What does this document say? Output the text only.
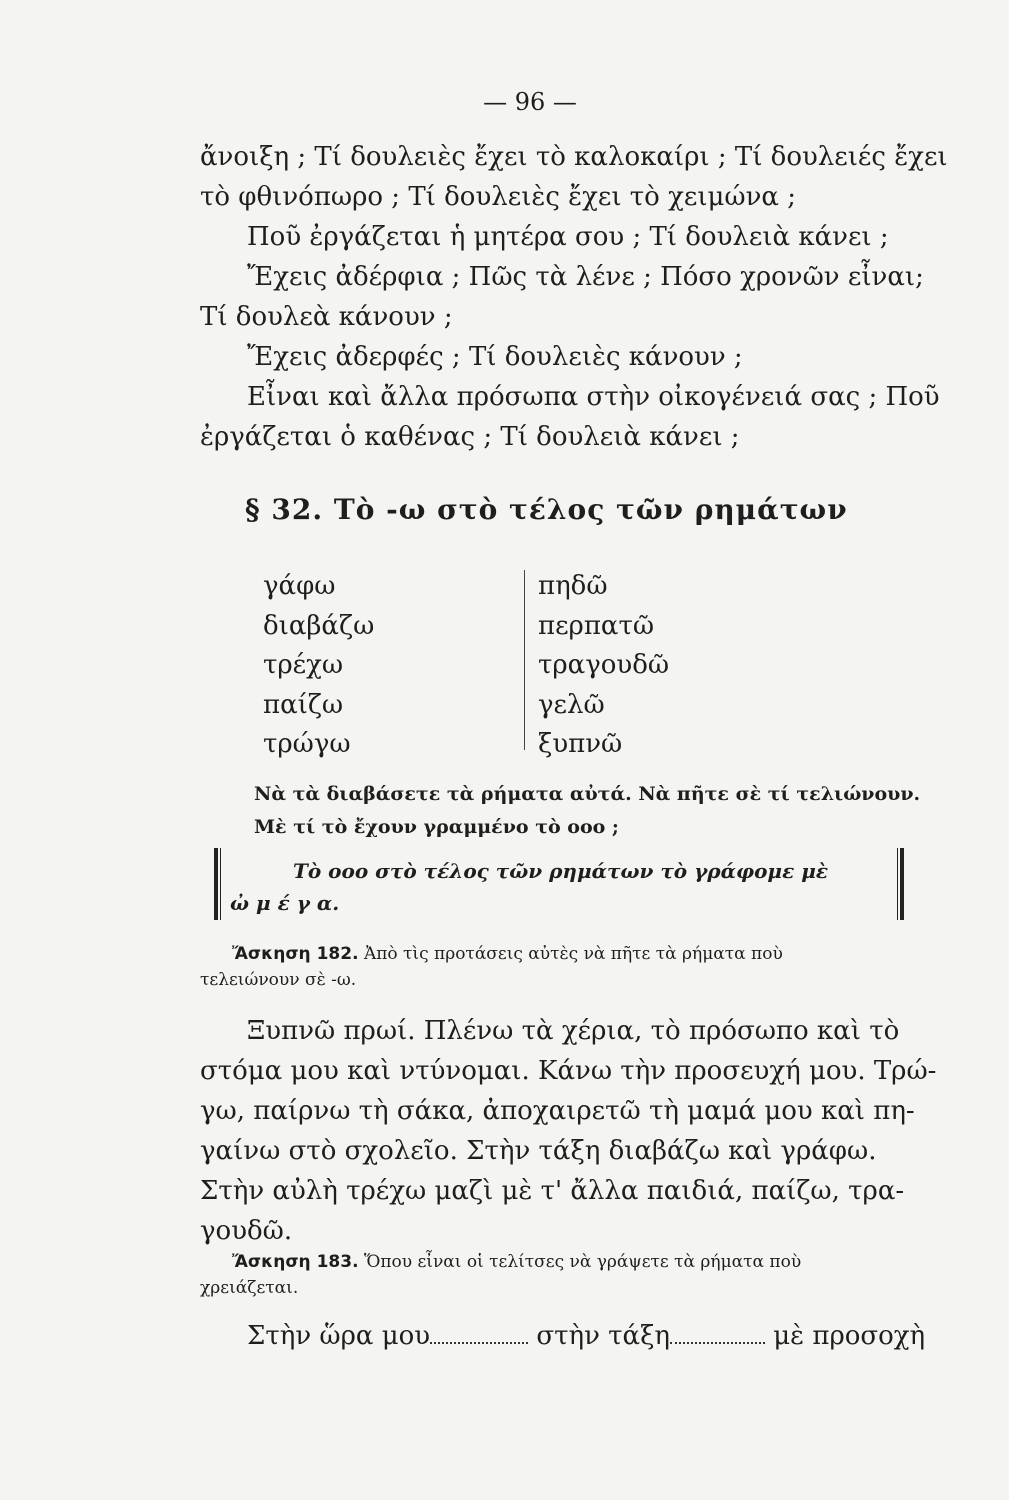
— 96 —
ἄνοιξη ; Τί δουλειὲς ἔχει τὸ καλοκαίρι ; Τί δουλειές ἔχει
τὸ φθινόπωρο ; Τί δουλειὲς ἔχει τὸ χειμώνα ;
Ποῦ ἐργάζεται ἡ μητέρα σου ; Τί δουλειὰ κάνει ;
Ἔχεις ἀδέρφια ; Πῶς τὰ λένε ; Πόσο χρονῶν εἶναι;
Τί δουλεὰ κάνουν ;
Ἔχεις ἀδερφές ; Τί δουλειὲς κάνουν ;
Εἶναι καὶ ἄλλα πρόσωπα στὴν οἰκογένειά σας ; Ποῦ
ἐργάζεται ὁ καθένας ; Τί δουλειὰ κάνει ;
§ 32. Τὸ -ω στὸ τέλος τῶν ρημάτων
γάφω
διαβάζω
τρέχω
παίζω
τρώγω
πηδῶ
περπατῶ
τραγουδῶ
γελῶ
ξυπνῶ
Νὰ τὰ διαβάσετε τὰ ρήματα αὐτά. Νὰ πῆτε σὲ τί τελιώνουν.
Μὲ τί τὸ ἔχουν γραμμένο τὸ οοο ;
Τὸ οοο στὸ τέλος τῶν ρημάτων τὸ γράφομε μὲ
ὠ μ έ γ α.
Ἄσκηση 182. Ἀπὸ τὶς προτάσεις αὐτὲς νὰ πῆτε τὰ ρήματα ποὺ
τελειώνουν σὲ -ω.
Ξυπνῶ πρωί. Πλένω τὰ χέρια, τὸ πρόσωπο καὶ τὸ
στόμα μου καὶ ντύνομαι. Κάνω τὴν προσευχή μου. Τρώ-
γω, παίρνω τὴ σάκα, ἀποχαιρετῶ τὴ μαμά μου καὶ πη-
γαίνω στὸ σχολεῖο. Στὴν τάξη διαβάζω καὶ γράφω.
Στὴν αὐλὴ τρέχω μαζὶ μὲ τ' ἄλλα παιδιά, παίζω, τρα-
γουδῶ.
Ἄσκηση 183. Ὅπου εἶναι οἱ τελίτσες νὰ γράψετε τὰ ρήματα ποὺ
χρειάζεται.
Στὴν ὥρα μου	στὴν τάξη	μὲ προσοχὴ
